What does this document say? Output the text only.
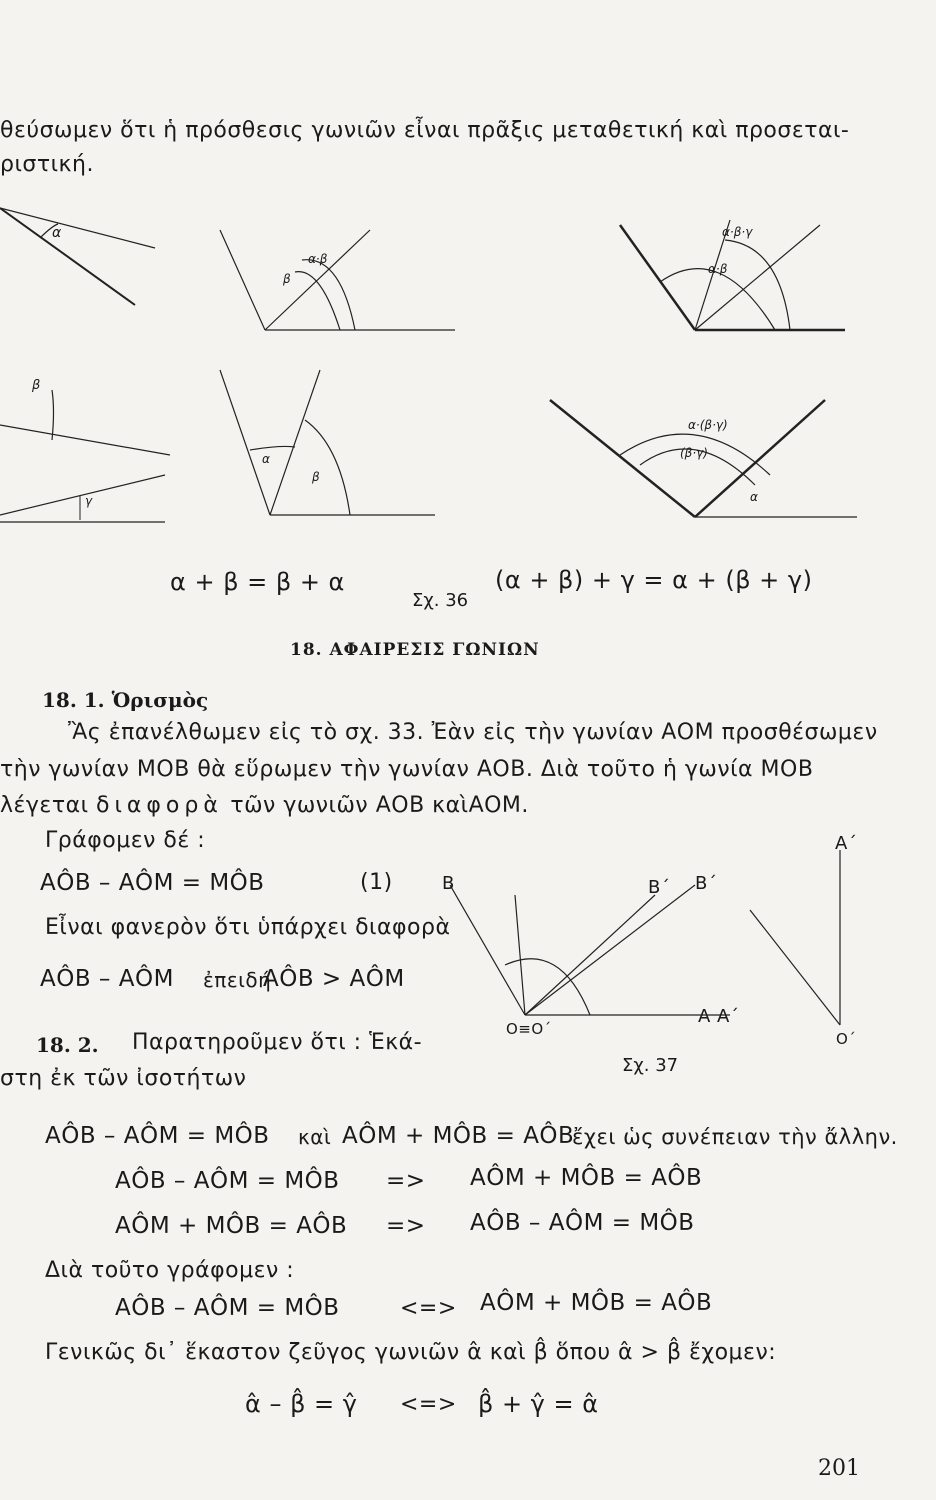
θεύσωμεν ὅτι ἡ πρόσθεσις γωνιῶν εἶναι πρᾶξις μεταθετική καὶ προσεται-
ριστική.
α
β
α·β
α·β·γ
α·β
β
γ
α
β
α·(β·γ)
(β·γ)
α
α + β = β + α	(α + β) + γ = α + (β + γ)
Σχ. 36
18. ΑΦΑΙΡΕΣΙΣ ΓΩΝΙΩΝ
18. 1. Ὁρισμὸς
Ἂς ἐπανέλθωμεν εἰς τὸ σχ. 33. Ἐὰν εἰς τὴν γωνίαν ΑΟΜ προσθέσωμεν
τὴν γωνίαν ΜΟΒ θὰ εὕρωμεν τὴν γωνίαν ΑΟΒ. Διὰ τοῦτο ἡ γωνία ΜΟΒ
λέγεται διαφορὰ τῶν γωνιῶν ΑΟΒ καὶΑΟΜ.
Γράφομεν δέ :
ΑÔΒ – ΑÔΜ = ΜÔΒ	(1)
Εἶναι φανερὸν ὅτι ὑπάρχει διαφορὰ
ΑÔΒ – ΑÔΜ ἐπειδή
ΑÔΒ > ΑÔΜ
Β	Β΄ Β΄
Α΄
Α Α΄
Ο≡Ο΄
Ο΄
Σχ. 37
18. 2. Παρατηροῦμεν ὅτι : Ἑκά-
στη ἐκ τῶν ἰσοτήτων
ΑÔΒ – ΑÔΜ = ΜÔΒ καὶ ΑÔΜ + ΜÔΒ = ΑÔΒ
ἔχει ὡς συνέπειαν τὴν ἄλλην.
ΑÔΒ – ΑÔΜ = ΜÔΒ => ΑÔΜ + ΜÔΒ = ΑÔΒ
ΑÔΜ + ΜÔΒ = ΑÔΒ => ΑÔΒ – ΑÔΜ = ΜÔΒ
Διὰ τοῦτο γράφομεν :
ΑÔΒ – ΑÔΜ = ΜÔΒ	<=> ΑÔΜ + ΜÔΒ = ΑÔΒ
Γενικῶς δι᾿ ἕκαστον ζεῦγος γωνιῶν α̂ καὶ β̂ ὅπου α̂ > β̂ ἔχομεν:
α̂ – β̂ = γ̂ <=> β̂ + γ̂ = α̂
201
